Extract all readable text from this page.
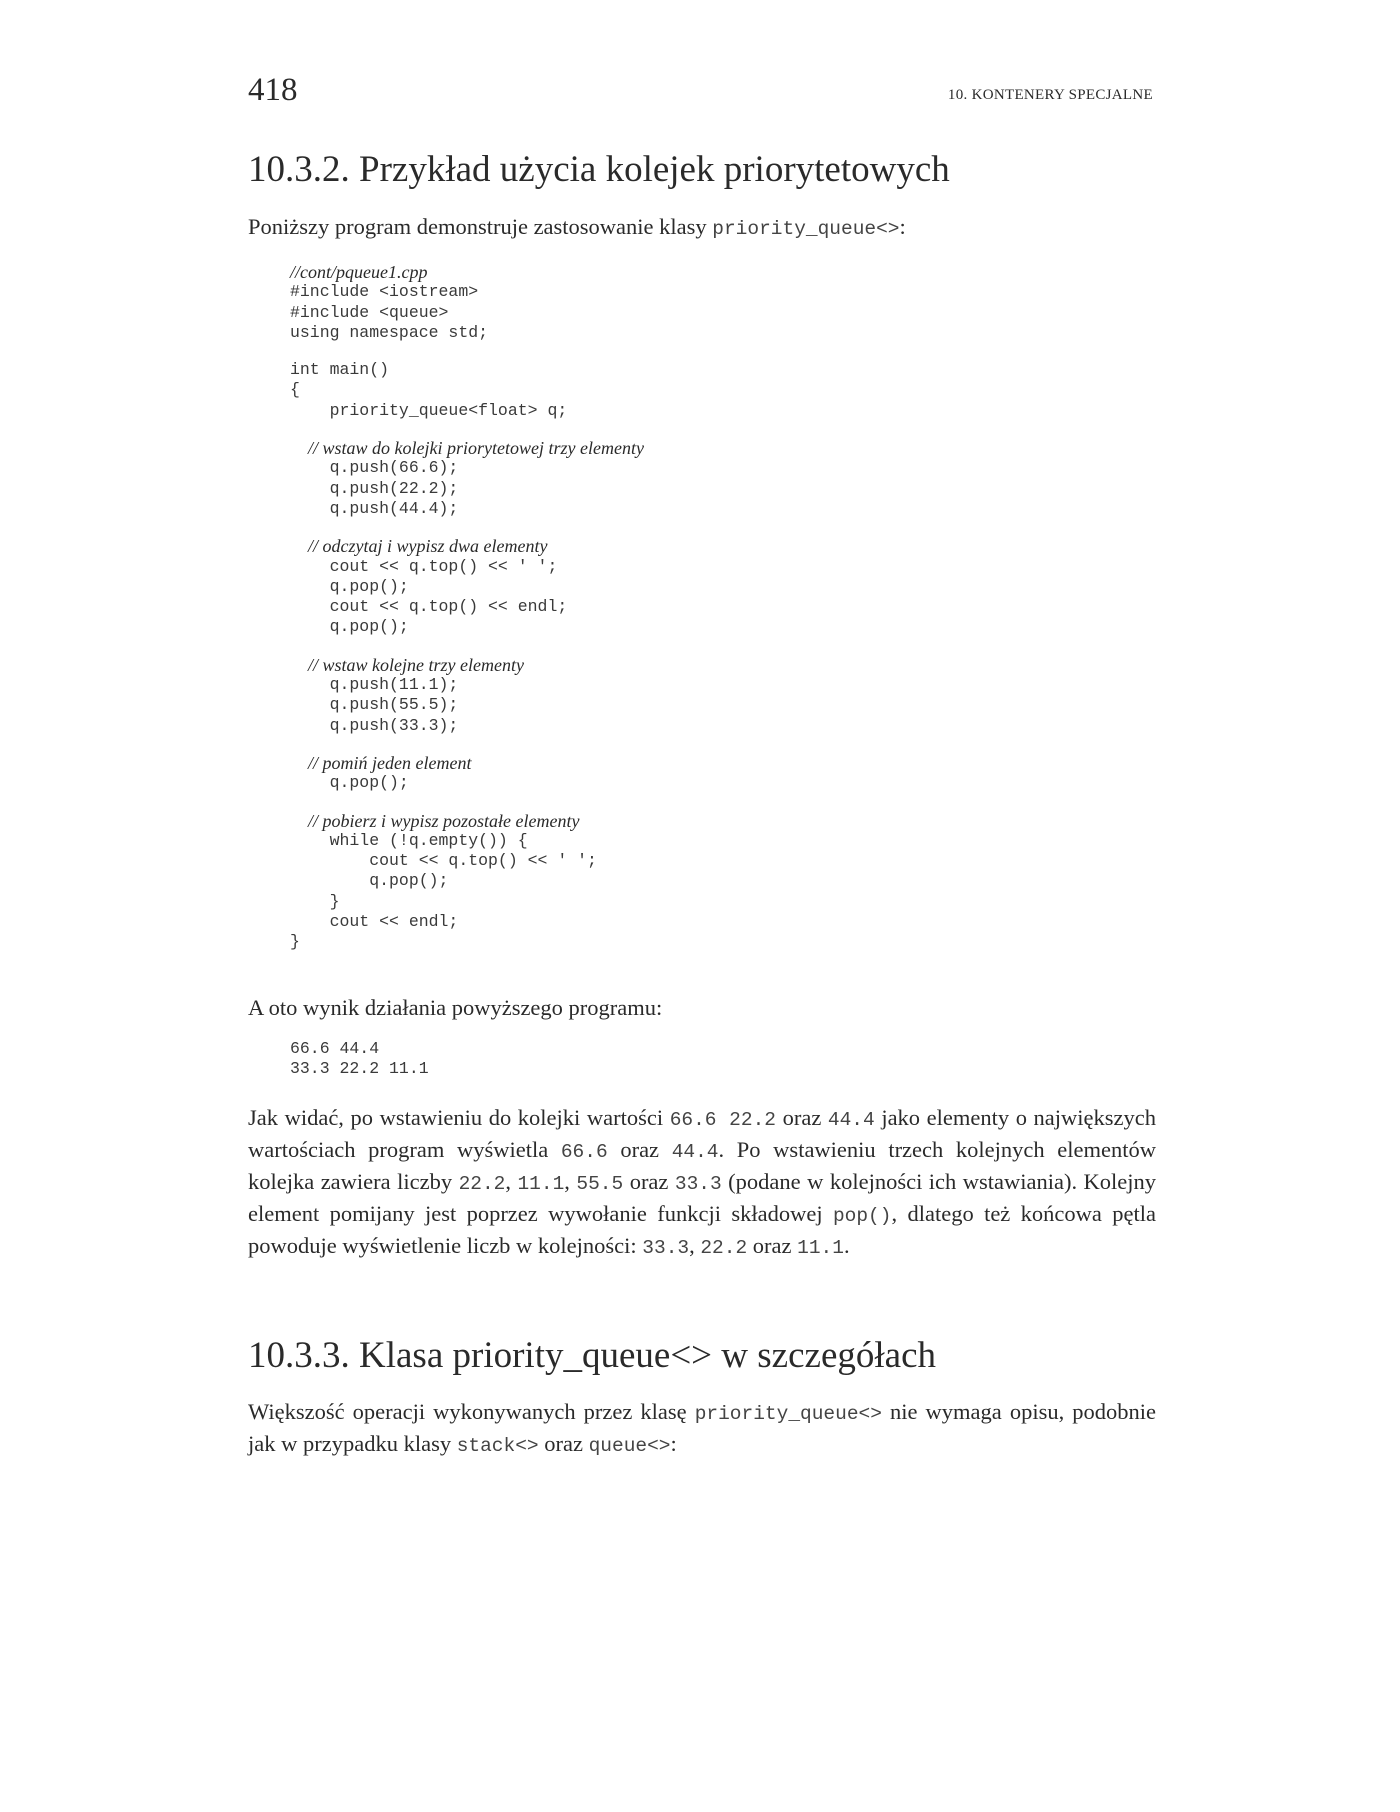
418	10. KONTENERY SPECJALNE
10.3.2. Przykład użycia kolejek priorytetowych

Poniższy program demonstruje zastosowanie klasy priority_queue<>:

//cont/pqueue1.cpp
#include <iostream>
#include <queue>
using namespace std;
int main()
{
priority_queue<float> q;
// wstaw do kolejki priorytetowej trzy elementy
q.push(66.6);
q.push(22.2);
q.push(44.4);
// odczytaj i wypisz dwa elementy
cout << q.top() << ' ';
q.pop();
cout << q.top() << endl;
q.pop();
// wstaw kolejne trzy elementy
q.push(11.1);
q.push(55.5);
q.push(33.3);
// pomiń jeden element
q.pop();
// pobierz i wypisz pozostałe elementy
while (!q.empty()) {
cout << q.top() << ' ';
q.pop();
}
cout << endl;
}

A oto wynik działania powyższego programu:

66.6 44.4
33.3 22.2 11.1

Jak widać, po wstawieniu do kolejki wartości 66.6 22.2 oraz 44.4 jako elementy o największych wartościach program wyświetla 66.6 oraz 44.4. Po wstawieniu trzech kolejnych elementów kolejka zawiera liczby 22.2, 11.1, 55.5 oraz 33.3 (podane w kolejności ich wstawiania). Kolejny element pomijany jest poprzez wywołanie funkcji składowej pop(), dlatego też końcowa pętla powoduje wyświetlenie liczb w kolejności: 33.3, 22.2 oraz 11.1.

10.3.3. Klasa priority_queue<> w szczegółach

Większość operacji wykonywanych przez klasę priority_queue<> nie wymaga opisu, podobnie jak w przypadku klasy stack<> oraz queue<>:
